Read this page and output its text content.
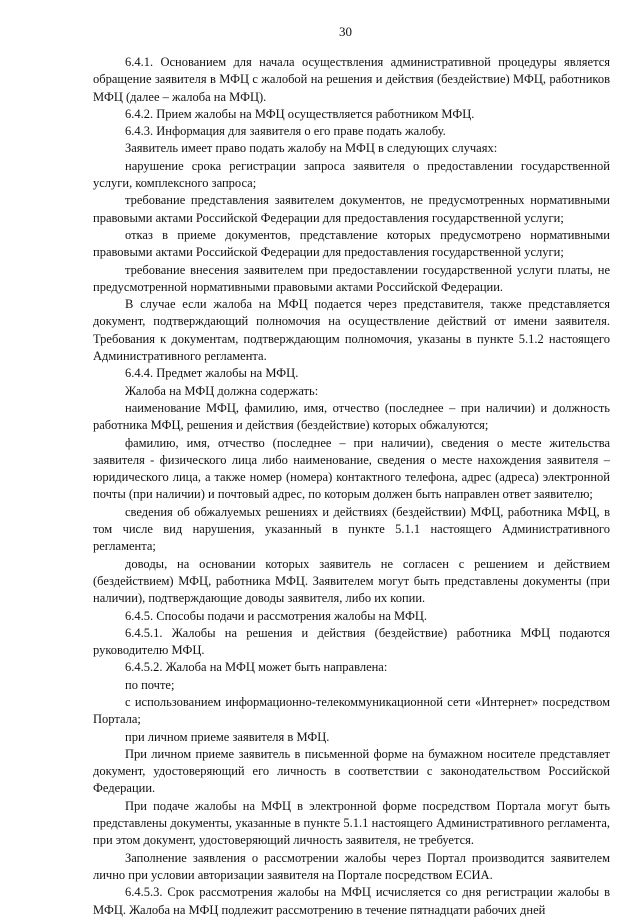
30

6.4.1. Основанием для начала осуществления административной процедуры является обращение заявителя в МФЦ с жалобой на решения и действия (бездействие) МФЦ, работников МФЦ (далее – жалоба на МФЦ).

6.4.2. Прием жалобы на МФЦ осуществляется работником МФЦ.

6.4.3. Информация для заявителя о его праве подать жалобу.

Заявитель имеет право подать жалобу на МФЦ в следующих случаях:

нарушение срока регистрации запроса заявителя о предоставлении государственной услуги, комплексного запроса;

требование представления заявителем документов, не предусмотренных нормативными правовыми актами Российской Федерации для предоставления государственной услуги;

отказ в приеме документов, представление которых предусмотрено нормативными правовыми актами Российской Федерации для предоставления государственной услуги;

требование внесения заявителем при предоставлении государственной услуги платы, не предусмотренной нормативными правовыми актами Российской Федерации.

В случае если жалоба на МФЦ подается через представителя, также представляется документ, подтверждающий полномочия на осуществление действий от имени заявителя. Требования к документам, подтверждающим полномочия, указаны в пункте 5.1.2 настоящего Административного регламента.

6.4.4. Предмет жалобы на МФЦ.

Жалоба на МФЦ должна содержать:

наименование МФЦ, фамилию, имя, отчество (последнее – при наличии) и должность работника МФЦ, решения и действия (бездействие) которых обжалуются;

фамилию, имя, отчество (последнее – при наличии), сведения о месте жительства заявителя - физического лица либо наименование, сведения о месте нахождения заявителя – юридического лица, а также номер (номера) контактного телефона, адрес (адреса) электронной почты (при наличии) и почтовый адрес, по которым должен быть направлен ответ заявителю;

сведения об обжалуемых решениях и действиях (бездействии) МФЦ, работника МФЦ, в том числе вид нарушения, указанный в пункте 5.1.1 настоящего Административного регламента;

доводы, на основании которых заявитель не согласен с решением и действием (бездействием) МФЦ, работника МФЦ. Заявителем могут быть представлены документы (при наличии), подтверждающие доводы заявителя, либо их копии.

6.4.5. Способы подачи и рассмотрения жалобы на МФЦ.

6.4.5.1. Жалобы на решения и действия (бездействие) работника МФЦ подаются руководителю МФЦ.

6.4.5.2. Жалоба на МФЦ может быть направлена:

по почте;

с использованием информационно-телекоммуникационной сети «Интернет» посредством Портала;

при личном приеме заявителя в МФЦ.

При личном приеме заявитель в письменной форме на бумажном носителе представляет документ, удостоверяющий его личность в соответствии с законодательством Российской Федерации.

При подаче жалобы на МФЦ в электронной форме посредством Портала могут быть представлены документы, указанные в пункте 5.1.1 настоящего Административного регламента, при этом документ, удостоверяющий личность заявителя, не требуется.

Заполнение заявления о рассмотрении жалобы через Портал производится заявителем лично при условии авторизации заявителя на Портале посредством ЕСИА.

6.4.5.3. Срок рассмотрения жалобы на МФЦ исчисляется со дня регистрации жалобы в МФЦ. Жалоба на МФЦ подлежит рассмотрению в течение пятнадцати рабочих дней
